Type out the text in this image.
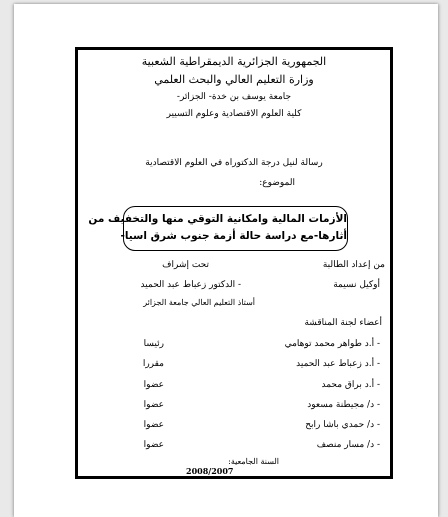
الجمهورية الجزائرية الديمقراطية الشعبية
وزارة التعليم العالي والبحث العلمي
جامعة يوسف بن خدة- الجزائر-
كلية العلوم الاقتصادية وعلوم التسيير
رسالة لنيل درجة الدكتوراه في العلوم الاقتصادية
الموضوع:
الأزمات المالية وامكانية التوقي منها والتخفيف من
أثارها-مع دراسة حالة أزمة جنوب شرق اسيا-
من إعداد الطالبة
تحت إشراف
أوكيل نسيمة
- الدكتور زعباط عبد الحميد
أستاذ التعليم العالي جامعة الجزائر
أعضاء لجنة المناقشة
- أ.د طواهر محمد توهامي
رئيسا
- أ.د زعباط عبد الحميد
مقررا
- أ.د براق محمد
عضوا
- د/ مجيطنة مسعود
عضوا
- د/ حمدي باشا رابح
عضوا
- د/ مسار منصف
عضوا
السنة الجامعية:
2008/2007
